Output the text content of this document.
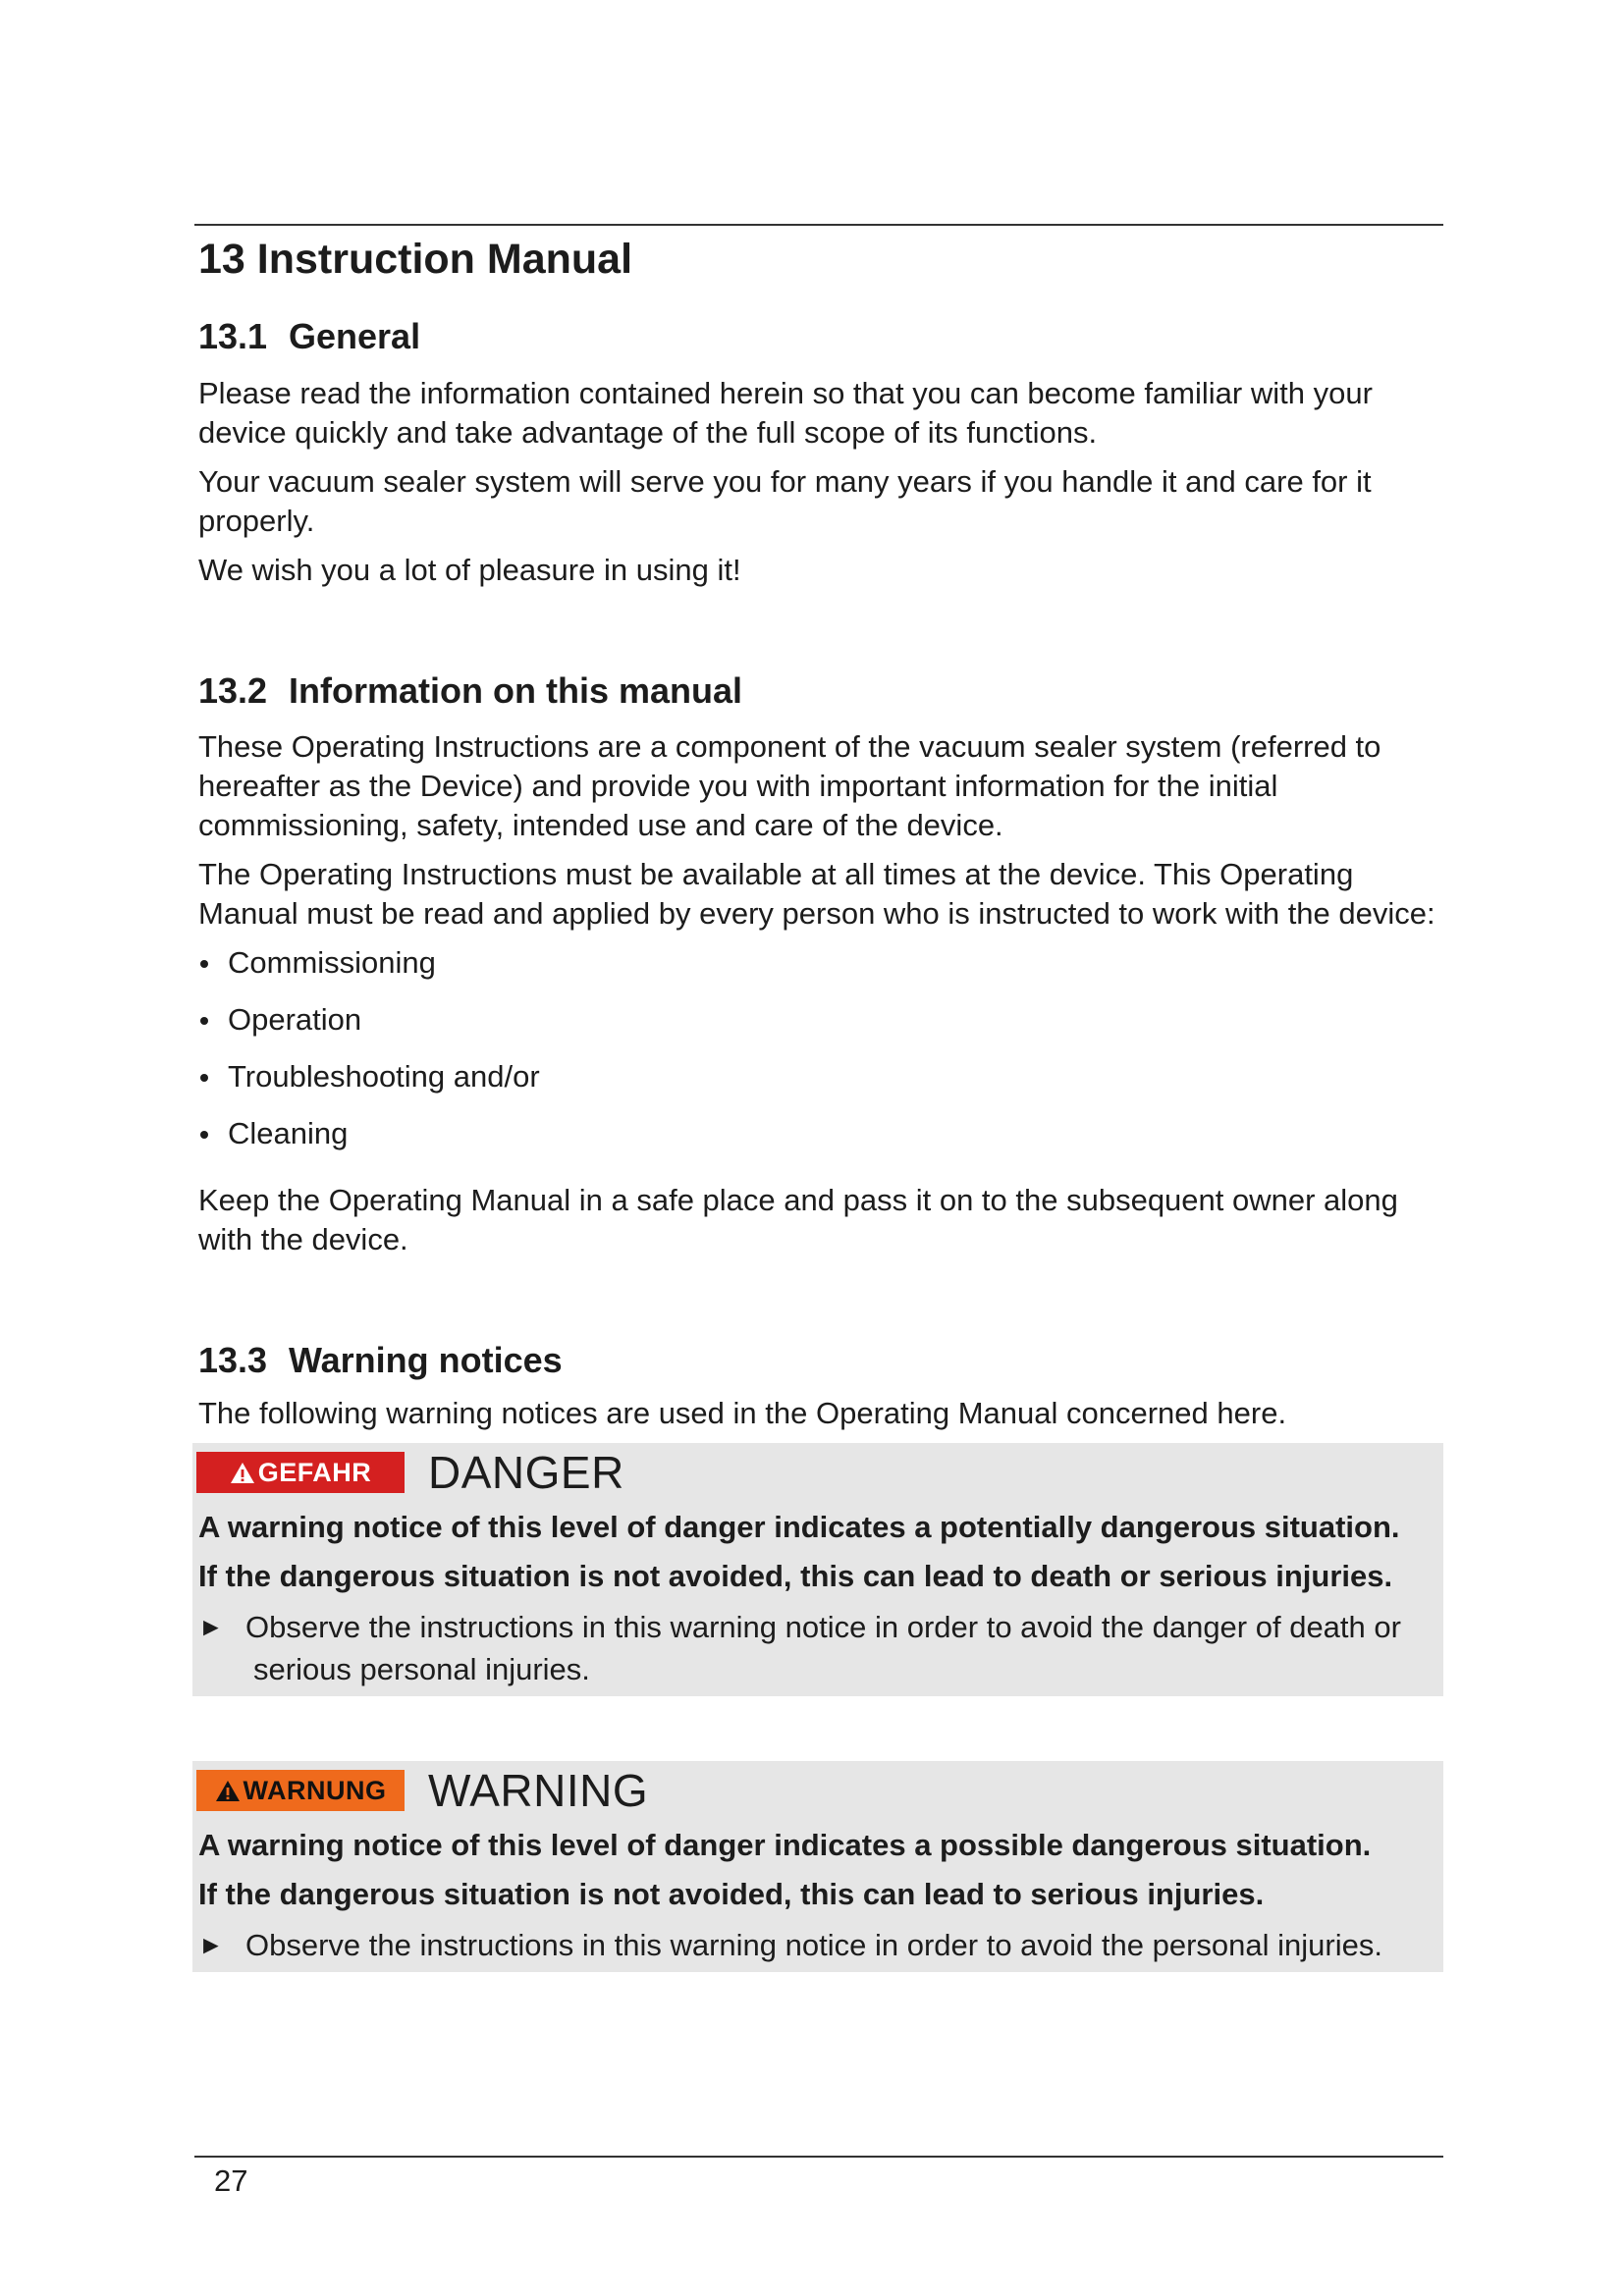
13 Instruction Manual
13.1 General

Please read the information contained herein so that you can become familiar with your device quickly and take advantage of the full scope of its functions.

Your vacuum sealer system will serve you for many years if you handle it and care for it properly.

We wish you a lot of pleasure in using it!

13.2 Information on this manual

These Operating Instructions are a component of the vacuum sealer system (referred to hereafter as the Device) and provide you with important information for the initial commissioning, safety, intended use and care of the device.

The Operating Instructions must be available at all times at the device. This Operating Manual must be read and applied by every person who is instructed to work with the device:

Commissioning
Operation
Troubleshooting and/or
Cleaning

Keep the Operating Manual in a safe place and pass it on to the subsequent owner along with the device.

13.3 Warning notices

The following warning notices are used in the Operating Manual concerned here.

GEFAHR DANGER

A warning notice of this level of danger indicates a potentially dangerous situation.

If the dangerous situation is not avoided, this can lead to death or serious injuries.

► Observe the instructions in this warning notice in order to avoid the danger of death or
serious personal injuries.
WARNUNG WARNING

A warning notice of this level of danger indicates a possible dangerous situation.

If the dangerous situation is not avoided, this can lead to serious injuries.

► Observe the instructions in this warning notice in order to avoid the personal injuries.
27
